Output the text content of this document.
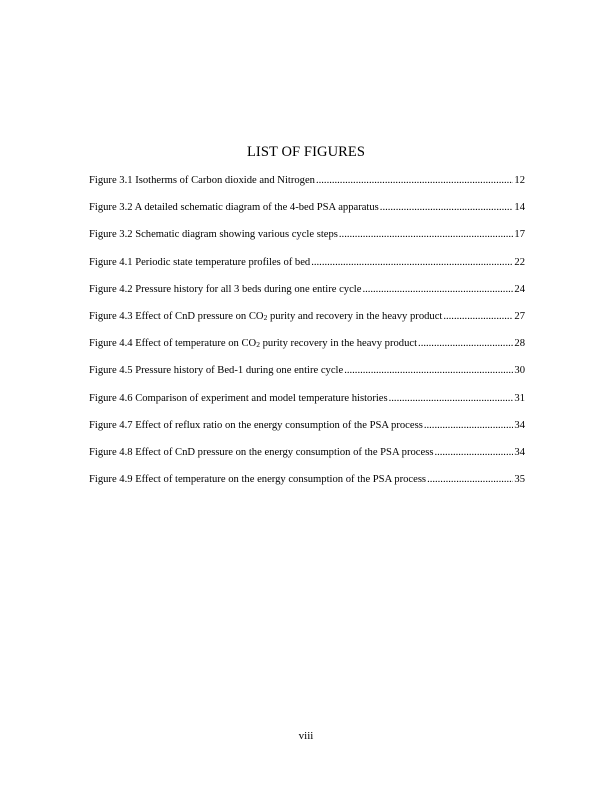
LIST OF FIGURES
Figure 3.1 Isotherms of Carbon dioxide and Nitrogen .....	12
Figure 3.2 A detailed schematic diagram of the 4-bed PSA apparatus .....	14
Figure 3.2 Schematic diagram showing various cycle steps .....	17
Figure 4.1 Periodic state temperature profiles of bed .....	22
Figure 4.2 Pressure history for all 3 beds during one entire cycle .....	24
Figure 4.3 Effect of CnD pressure on CO2 purity and recovery in the heavy product .....	27
Figure 4.4 Effect of temperature on CO2 purity recovery in the heavy product .....	28
Figure 4.5 Pressure history of Bed-1 during one entire cycle .....	30
Figure 4.6 Comparison of experiment and model temperature histories .....	31
Figure 4.7 Effect of reflux ratio on the energy consumption of the PSA process .....	34
Figure 4.8 Effect of CnD pressure on the energy consumption of the PSA process .....	34
Figure 4.9 Effect of temperature on the energy consumption of the PSA process .....	35
viii
